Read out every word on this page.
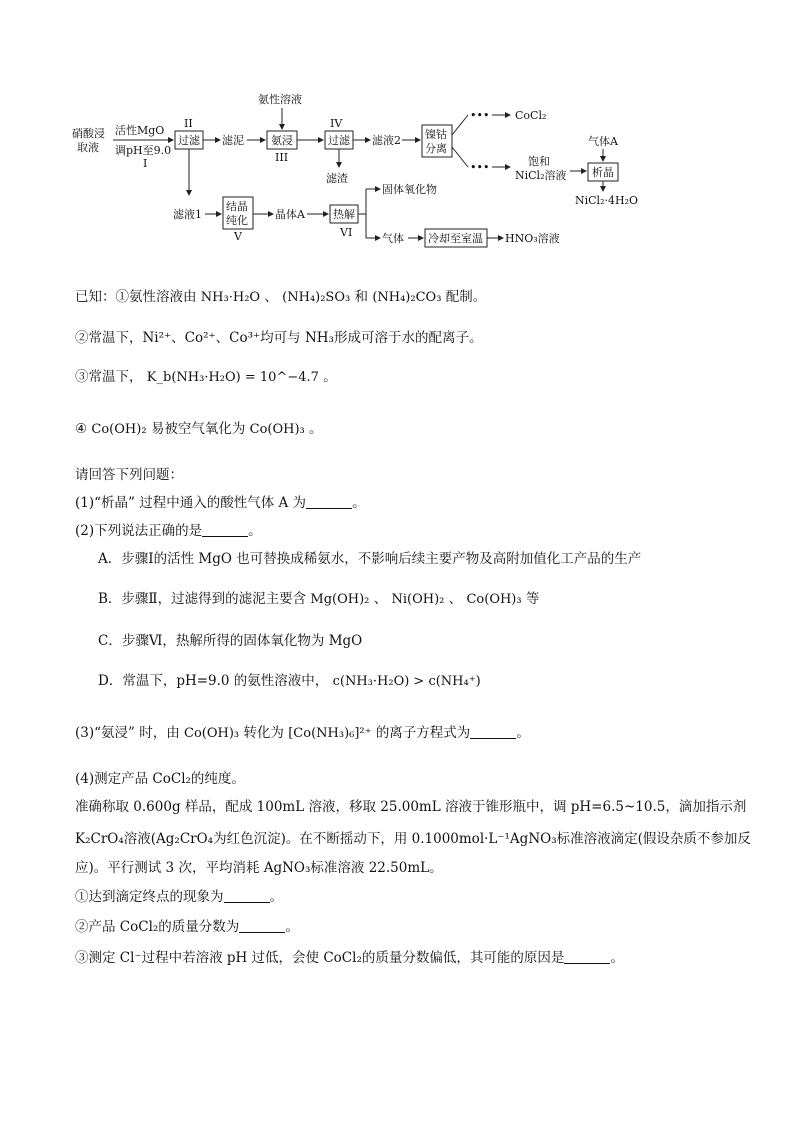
硝酸浸
取液
活性MgO
调pH至9.0
I
II
过滤 滤泥
氨性溶液
氨浸
III
IV
过滤
滤渣
滤液2 镍钴
分离
••• CoCl₂
•••	饱和
NiCl₂溶液
气体A
析晶
NiCl₂·4H₂O
滤液1
结晶
纯化
V
晶体A	热解
VI
固体氧化物
气体 冷却至室温 HNO₃溶液
已知：①氨性溶液由 NH₃·H₂O 、 (NH₄)₂SO₃ 和 (NH₄)₂CO₃ 配制。
②常温下，Ni²⁺、Co²⁺、Co³⁺均可与 NH₃形成可溶于水的配离子。
③常温下， K_b(NH₃·H₂O) = 10^−4.7 。
④ Co(OH)₂ 易被空气氧化为 Co(OH)₃ 。
请回答下列问题：
(1)“析晶” 过程中通入的酸性气体 A 为	。
(2)下列说法正确的是	。
A．步骤Ⅰ的活性 MgO 也可替换成稀氨水，不影响后续主要产物及高附加值化工产品的生产
B．步骤Ⅱ，过滤得到的滤泥主要含 Mg(OH)₂ 、 Ni(OH)₂ 、 Co(OH)₃ 等
C．步骤Ⅵ，热解所得的固体氧化物为 MgO
D．常温下，pH=9.0 的氨性溶液中， c(NH₃·H₂O) > c(NH₄⁺)
(3)“氨浸” 时，由 Co(OH)₃ 转化为 [Co(NH₃)₆]²⁺ 的离子方程式为	。
(4)测定产品 CoCl₂的纯度。
准确称取 0.600g 样品，配成 100mL 溶液，移取 25.00mL 溶液于锥形瓶中，调 pH=6.5~10.5，滴加指示剂
K₂CrO₄溶液(Ag₂CrO₄为红色沉淀)。在不断摇动下，用 0.1000mol·L⁻¹AgNO₃标准溶液滴定(假设杂质不参加反
应)。平行测试 3 次，平均消耗 AgNO₃标准溶液 22.50mL。
①达到滴定终点的现象为	。
②产品 CoCl₂的质量分数为	。
③测定 Cl⁻过程中若溶液 pH 过低，会使 CoCl₂的质量分数偏低，其可能的原因是	。
